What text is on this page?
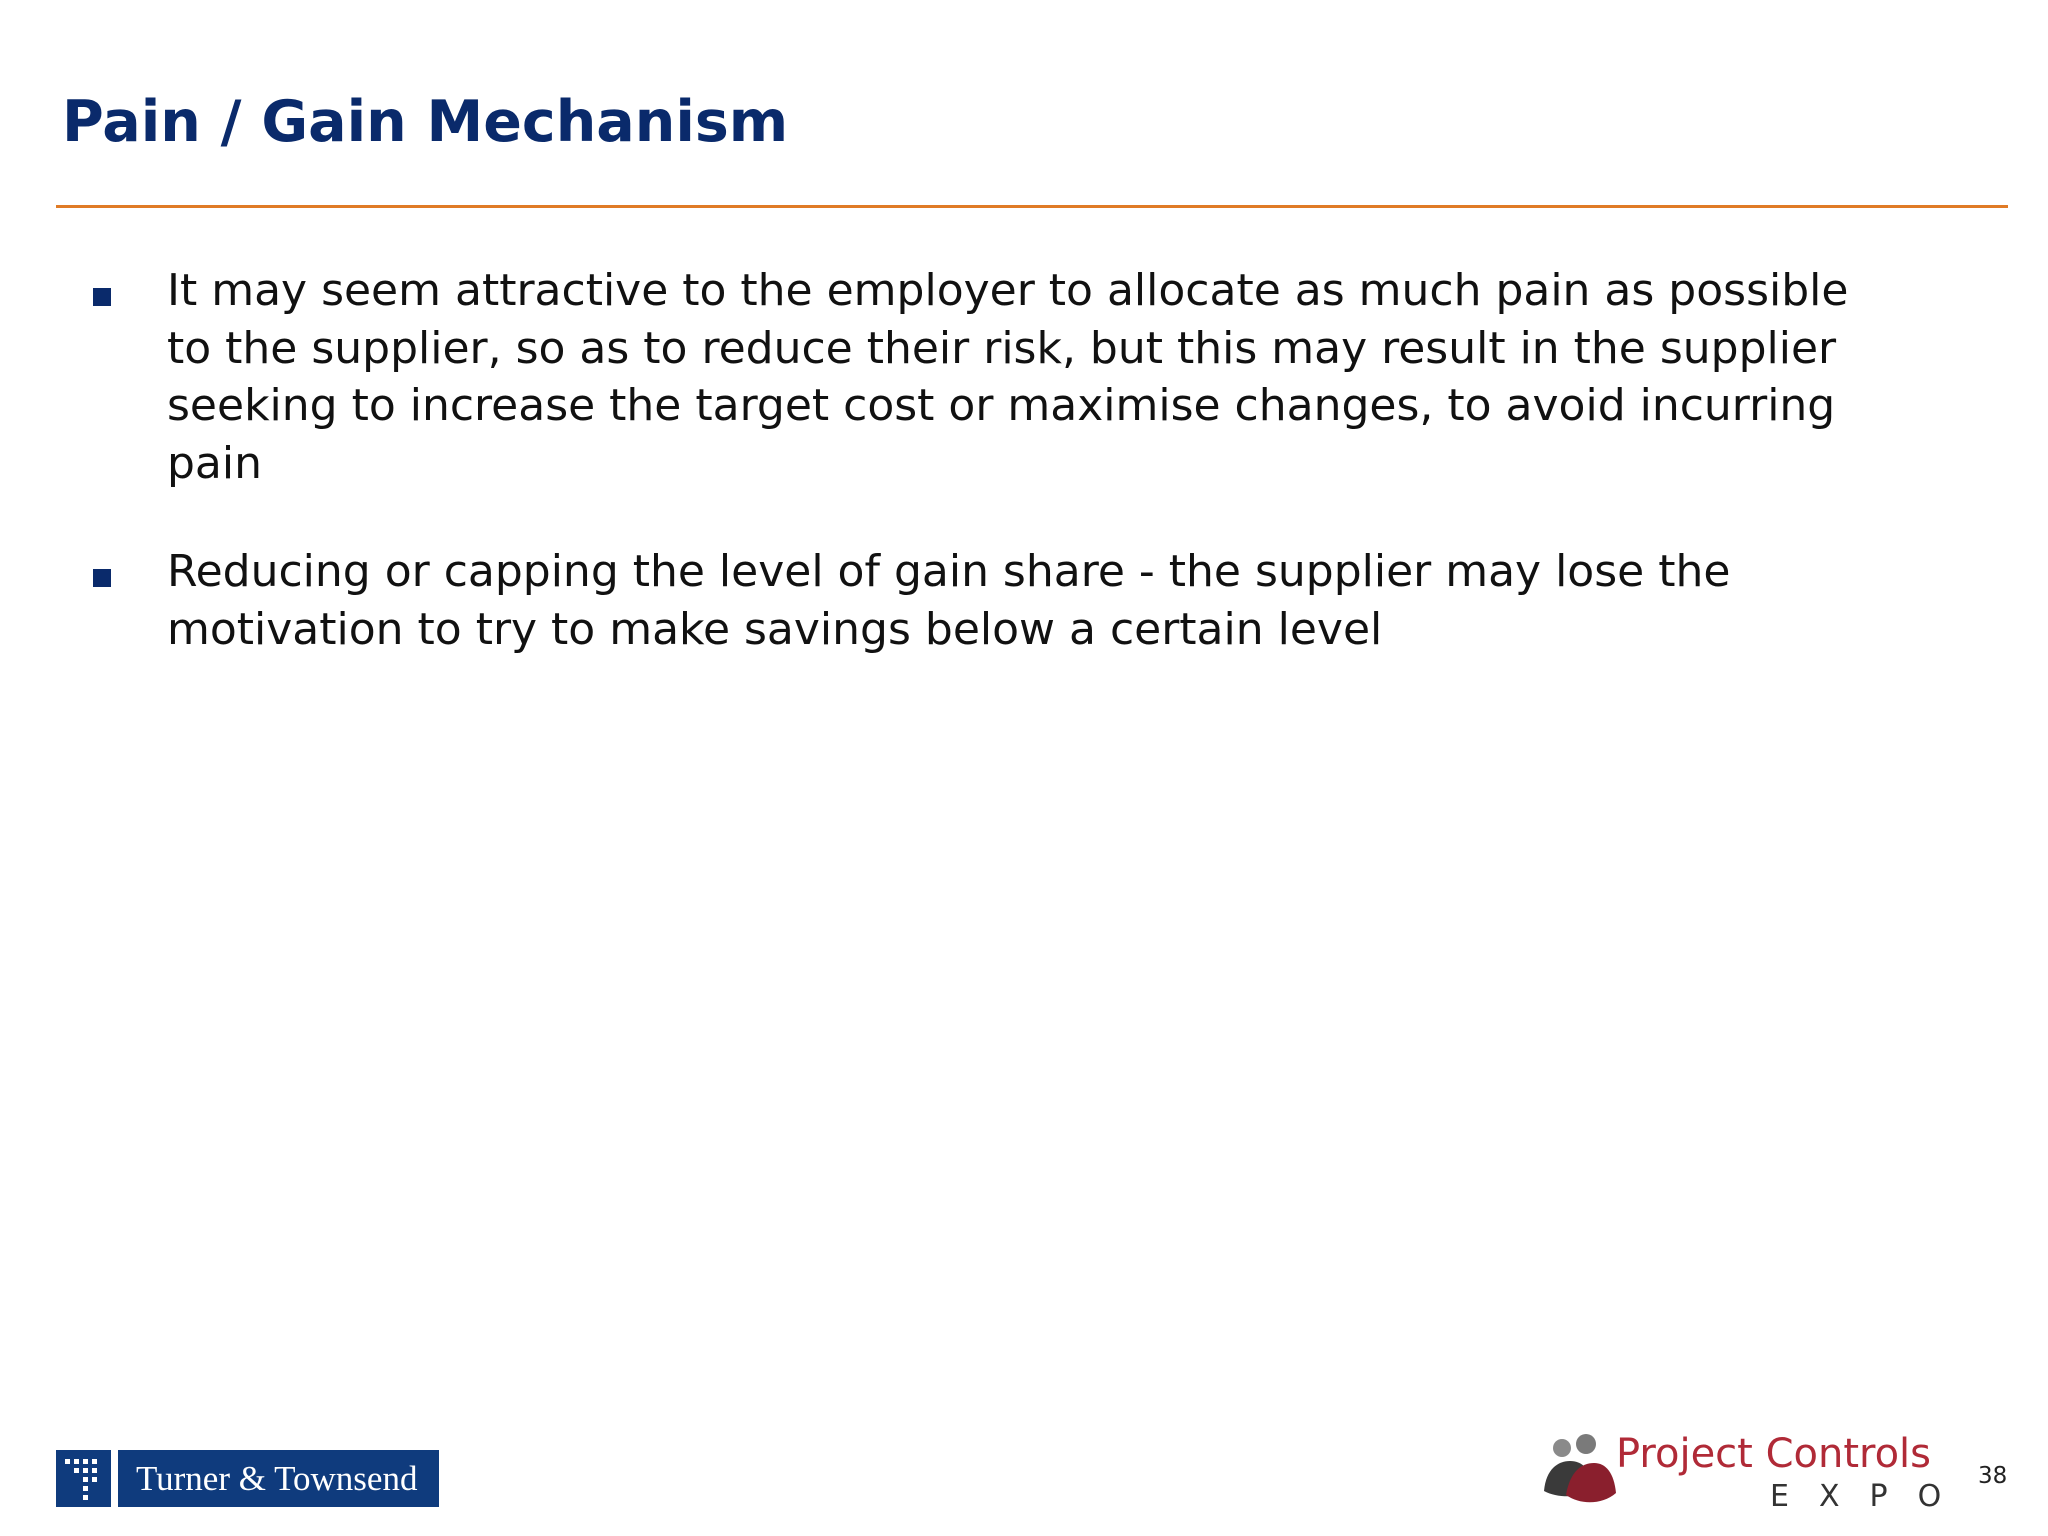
Pain / Gain Mechanism
It may seem attractive to the employer to allocate as much pain as possible to the supplier, so as to reduce their risk, but this may result in the supplier seeking to increase the target cost or maximise changes, to avoid incurring pain
Reducing or capping the level of gain share - the supplier may lose the motivation to try to make savings below a certain level
Turner & Townsend
Project Controls
EXPO
38
